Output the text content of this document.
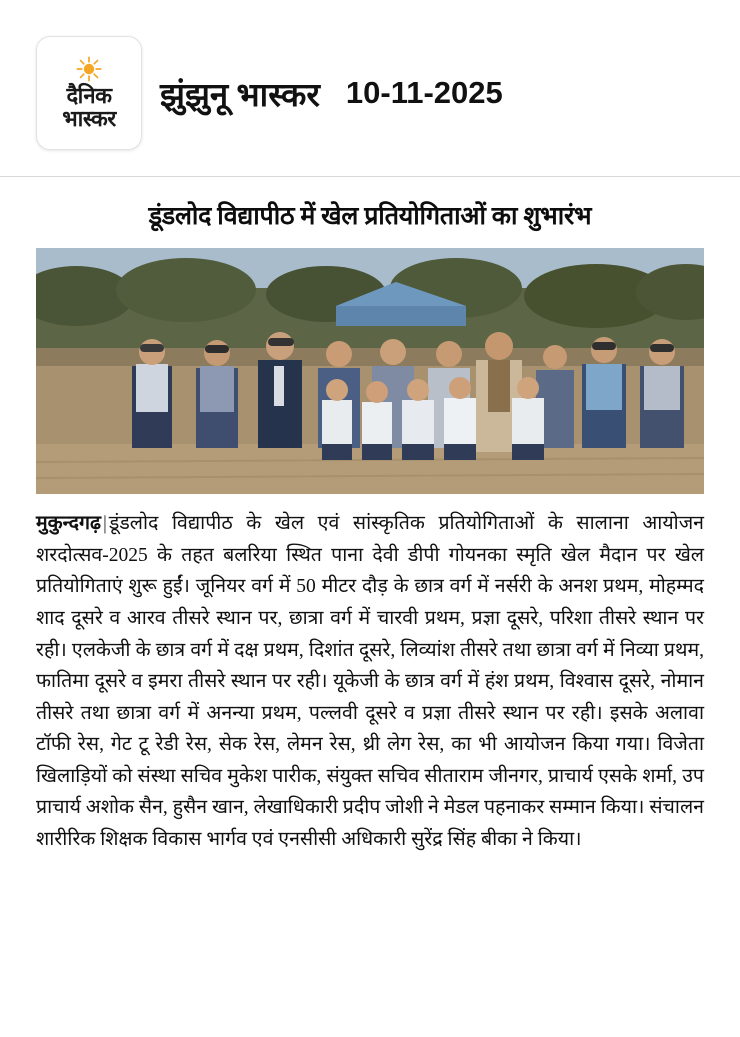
दैनिक
भास्कर
झुंझुनू भास्कर 10-11-2025
डूंडलोद विद्यापीठ में खेल प्रतियोगिताओं का शुभारंभ

मुकुन्दगढ़ | डूंडलोद विद्यापीठ के खेल एवं सांस्कृतिक प्रतियोगिताओं के सालाना आयोजन शरदोत्सव-2025 के तहत बलरिया स्थित पाना देवी डीपी गोयनका स्मृति खेल मैदान पर खेल प्रतियोगिताएं शुरू हुईं। जूनियर वर्ग में 50 मीटर दौड़ के छात्र वर्ग में नर्सरी के अनश प्रथम, मोहम्मद शाद दूसरे व आरव तीसरे स्थान पर, छात्रा वर्ग में चारवी प्रथम, प्रज्ञा दूसरे, परिशा तीसरे स्थान पर रही। एलकेजी के छात्र वर्ग में दक्ष प्रथम, दिशांत दूसरे, लिव्यांश तीसरे तथा छात्रा वर्ग में निव्या प्रथम, फातिमा दूसरे व इमरा तीसरे स्थान पर रही। यूकेजी के छात्र वर्ग में हंश प्रथम, विश्वास दूसरे, नोमान तीसरे तथा छात्रा वर्ग में अनन्या प्रथम, पल्लवी दूसरे व प्रज्ञा तीसरे स्थान पर रही। इसके अलावा टॉफी रेस, गेट टू रेडी रेस, सेक रेस, लेमन रेस, थ्री लेग रेस, का भी आयोजन किया गया। विजेता खिलाड़ियों को संस्था सचिव मुकेश पारीक, संयुक्त सचिव सीताराम जीनगर, प्राचार्य एसके शर्मा, उप प्राचार्य अशोक सैन, हुसैन खान, लेखाधिकारी प्रदीप जोशी ने मेडल पहनाकर सम्मान किया। संचालन शारीरिक शिक्षक विकास भार्गव एवं एनसीसी अधिकारी सुरेंद्र सिंह बीका ने किया।
